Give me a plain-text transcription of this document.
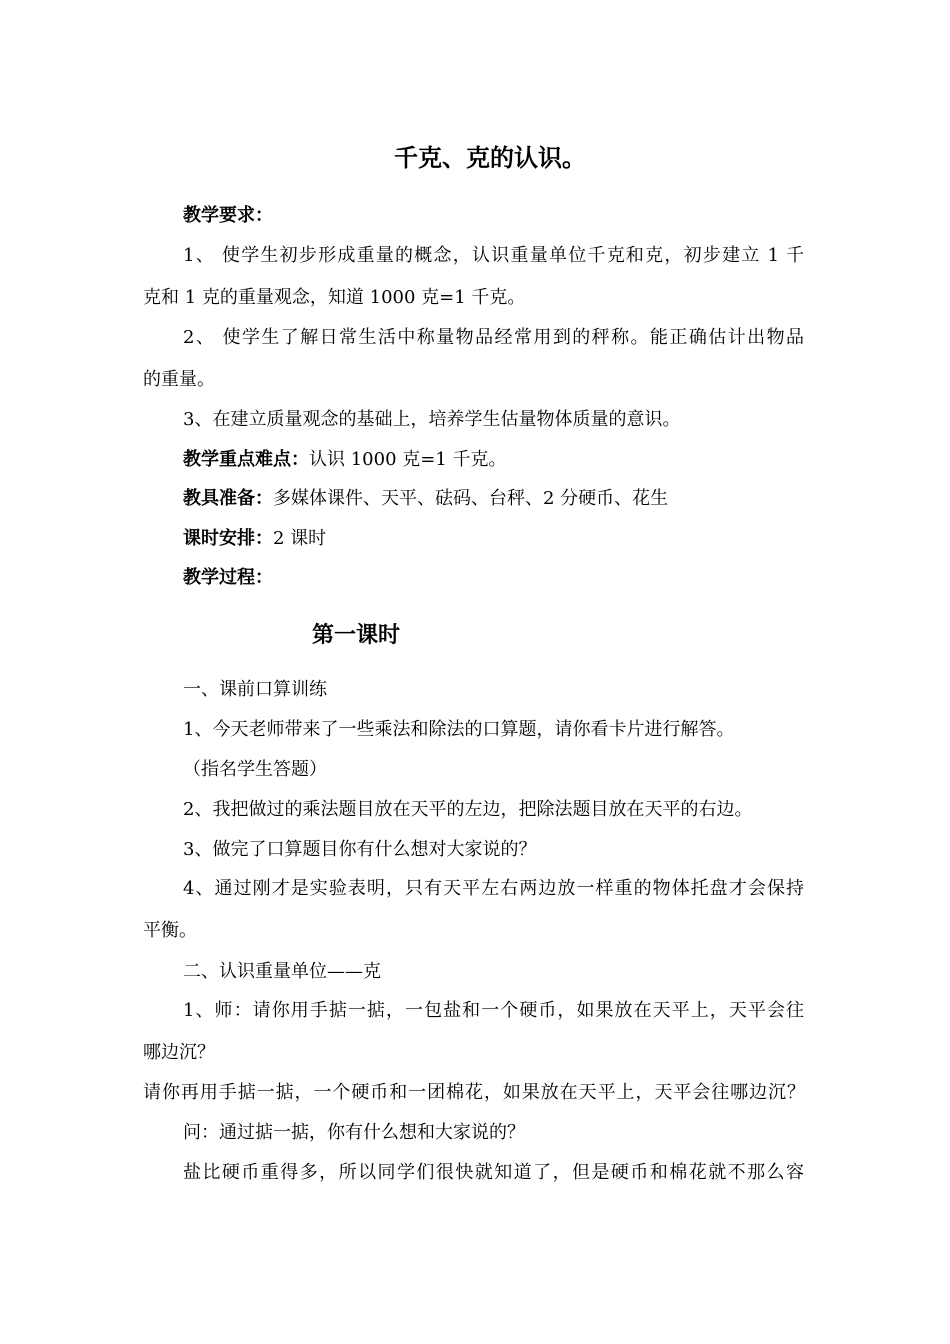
千克、克的认识。
教学要求：
1、 使学生初步形成重量的概念，认识重量单位千克和克，初步建立 1 千
克和 1 克的重量观念，知道 1000 克=1 千克。
2、 使学生了解日常生活中称量物品经常用到的秤称。能正确估计出物品
的重量。
3、在建立质量观念的基础上，培养学生估量物体质量的意识。
教学重点难点：认识 1000 克=1 千克。
教具准备：多媒体课件、天平、砝码、台秤、2 分硬币、花生
课时安排：2 课时
教学过程：
第一课时
一、课前口算训练
1、今天老师带来了一些乘法和除法的口算题，请你看卡片进行解答。
（指名学生答题）
2、我把做过的乘法题目放在天平的左边，把除法题目放在天平的右边。
3、做完了口算题目你有什么想对大家说的？
4、通过刚才是实验表明，只有天平左右两边放一样重的物体托盘才会保持
平衡。
二、认识重量单位——克
1、师：请你用手掂一掂，一包盐和一个硬币，如果放在天平上，天平会往
哪边沉？
请你再用手掂一掂，一个硬币和一团棉花，如果放在天平上，天平会往哪边沉？
问：通过掂一掂，你有什么想和大家说的？
盐比硬币重得多，所以同学们很快就知道了，但是硬币和棉花就不那么容
